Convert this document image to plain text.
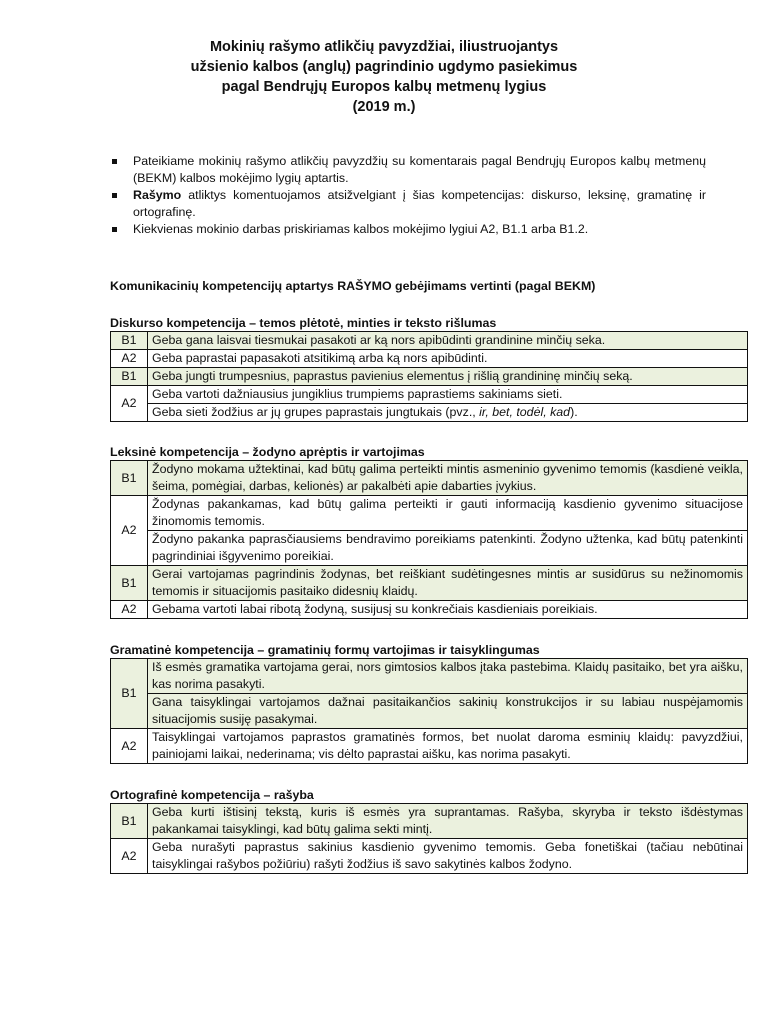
Mokinių rašymo atlikčių pavyzdžiai, iliustruojantys
užsienio kalbos (anglų) pagrindinio ugdymo pasiekimus
pagal Bendrųjų Europos kalbų metmenų lygius
(2019 m.)
Pateikiame mokinių rašymo atlikčių pavyzdžių su komentarais pagal Bendrųjų Europos kalbų metmenų (BEKM) kalbos mokėjimo lygių aptartis.
Rašymo atliktys komentuojamos atsižvelgiant į šias kompetencijas: diskurso, leksinę, gramatinę ir ortografinę.
Kiekvienas mokinio darbas priskiriamas kalbos mokėjimo lygiui A2, B1.1 arba B1.2.
Komunikacinių kompetencijų aptartys RAŠYMO gebėjimams vertinti (pagal BEKM)
Diskurso kompetencija – temos plėtotė, minties ir teksto rišlumas
B1	Geba gana laisvai tiesmukai pasakoti ar ką nors apibūdinti grandinine minčių seka.
A2	Geba paprastai papasakoti atsitikimą arba ką nors apibūdinti.
B1	Geba jungti trumpesnius, paprastus pavienius elementus į rišlią grandininę minčių seką.
A2	Geba vartoti dažniausius jungiklius trumpiems paprastiems sakiniams sieti.
	Geba sieti žodžius ar jų grupes paprastais jungtukais (pvz., ir, bet, todėl, kad).
Leksinė kompetencija – žodyno aprėptis ir vartojimas
B1	Žodyno mokama užtektinai, kad būtų galima perteikti mintis asmeninio gyvenimo temomis (kasdienė veikla, šeima, pomėgiai, darbas, kelionės) ar pakalbėti apie dabarties įvykius.
A2	Žodynas pakankamas, kad būtų galima perteikti ir gauti informaciją kasdienio gyvenimo situacijose žinomomis temomis.
	Žodyno pakanka paprasčiausiems bendravimo poreikiams patenkinti. Žodyno užtenka, kad būtų patenkinti pagrindiniai išgyvenimo poreikiai.
B1	Gerai vartojamas pagrindinis žodynas, bet reiškiant sudėtingesnes mintis ar susidūrus su nežinomomis temomis ir situacijomis pasitaiko didesnių klaidų.
A2	Gebama vartoti labai ribotą žodyną, susijusį su konkrečiais kasdieniais poreikiais.
Gramatinė kompetencija – gramatinių formų vartojimas ir taisyklingumas
B1	Iš esmės gramatika vartojama gerai, nors gimtosios kalbos įtaka pastebima. Klaidų pasitaiko, bet yra aišku, kas norima pasakyti.
	Gana taisyklingai vartojamos dažnai pasitaikančios sakinių konstrukcijos ir su labiau nuspėjamomis situacijomis susiję pasakymai.
A2	Taisyklingai vartojamos paprastos gramatinės formos, bet nuolat daroma esminių klaidų: pavyzdžiui, painiojami laikai, nederinama; vis dėlto paprastai aišku, kas norima pasakyti.
Ortografinė kompetencija – rašyba
B1	Geba kurti ištisinį tekstą, kuris iš esmės yra suprantamas. Rašyba, skyryba ir teksto išdėstymas pakankamai taisyklingi, kad būtų galima sekti mintį.
A2	Geba nurašyti paprastus sakinius kasdienio gyvenimo temomis. Geba fonetiškai (tačiau nebūtinai taisyklingai rašybos požiūriu) rašyti žodžius iš savo sakytinės kalbos žodyno.
